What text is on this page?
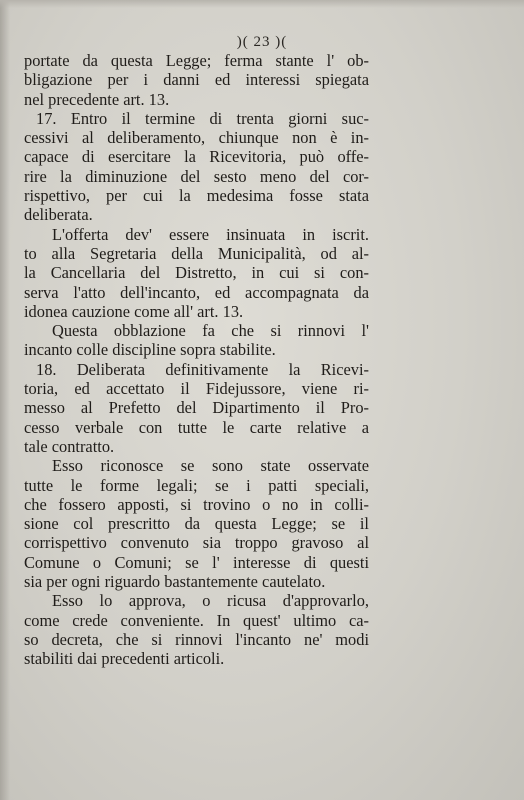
)( 23 )(
portate da questa Legge; ferma stante l' ob-
bligazione per i danni ed interessi spiegata
nel precedente art. 13.
17. Entro il termine di trenta giorni suc-
cessivi al deliberamento, chiunque non è in-
capace di esercitare la Ricevitoria, può offe-
rire la diminuzione del sesto meno del cor-
rispettivo, per cui la medesima fosse stata
deliberata.
L'offerta dev' essere insinuata in iscrit.
to alla Segretaria della Municipalità, od al-
la Cancellaria del Distretto, in cui si con-
serva l'atto dell'incanto, ed accompagnata da
idonea cauzione come all' art. 13.
Questa obblazione fa che si rinnovi l'
incanto colle discipline sopra stabilite.
18. Deliberata definitivamente la Ricevi-
toria, ed accettato il Fidejussore, viene ri-
messo al Prefetto del Dipartimento il Pro-
cesso verbale con tutte le carte relative a
tale contratto.
Esso riconosce se sono state osservate
tutte le forme legali; se i patti speciali,
che fossero apposti, si trovino o no in colli-
sione col prescritto da questa Legge; se il
corrispettivo convenuto sia troppo gravoso al
Comune o Comuni; se l' interesse di questi
sia per ogni riguardo bastantemente cautelato.
Esso lo approva, o ricusa d'approvarlo,
come crede conveniente. In quest' ultimo ca-
so decreta, che si rinnovi l'incanto ne' modi
stabiliti dai precedenti articoli.
